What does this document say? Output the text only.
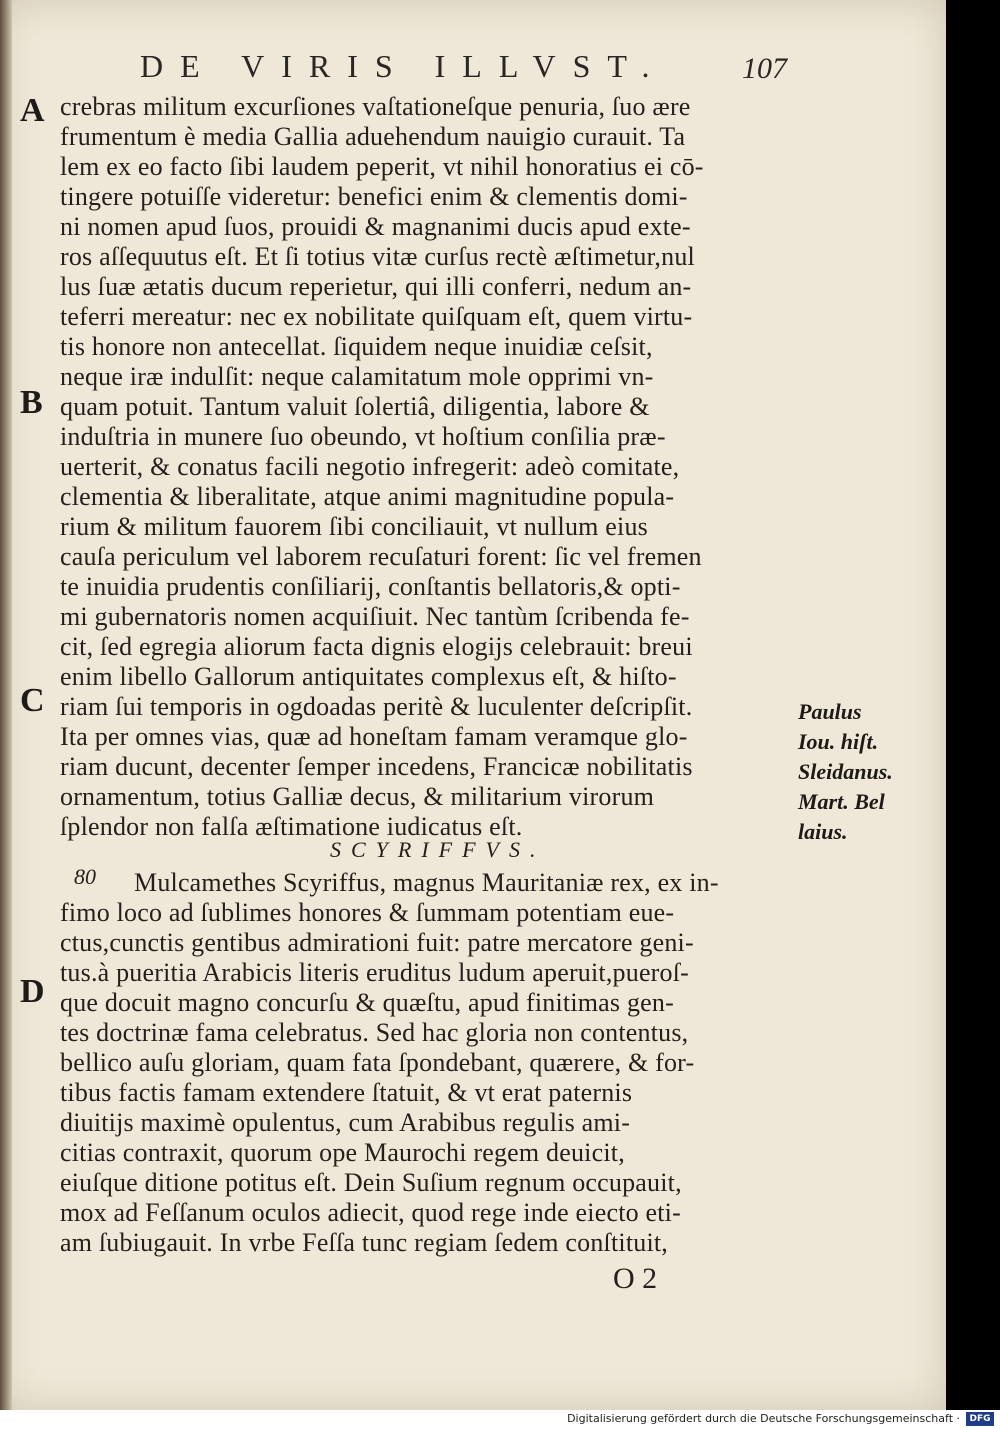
DE VIRIS ILLVST.	107
A
B
C
D
crebras militum excurſiones vaſtationeſque penuria, ſuo ære
frumentum è media Gallia aduehendum nauigio curauit. Ta
lem ex eo facto ſibi laudem peperit, vt nihil honoratius ei cō-
tingere potuiſſe videretur: benefici enim & clementis domi-
ni nomen apud ſuos, prouidi & magnanimi ducis apud exte-
ros aſſequutus eſt. Et ſi totius vitæ curſus rectè æſtimetur,nul
lus ſuæ ætatis ducum reperietur, qui illi conferri, nedum an-
teferri mereatur: nec ex nobilitate quiſquam eſt, quem virtu-
tis honore non antecellat. ſiquidem neque inuidiæ ceſsit,
neque iræ indulſit: neque calamitatum mole opprimi vn-
quam potuit. Tantum valuit ſolertiâ, diligentia, labore &
induſtria in munere ſuo obeundo, vt hoſtium conſilia præ-
uerterit, & conatus facili negotio infregerit: adeò comitate,
clementia & liberalitate, atque animi magnitudine popula-
rium & militum fauorem ſibi conciliauit, vt nullum eius
cauſa periculum vel laborem recuſaturi forent: ſic vel fremen
te inuidia prudentis conſiliarij, conſtantis bellatoris,& opti-
mi gubernatoris nomen acquiſiuit. Nec tantùm ſcribenda fe-
cit, ſed egregia aliorum facta dignis elogijs celebrauit: breui
enim libello Gallorum antiquitates complexus eſt, & hiſto-
riam ſui temporis in ogdoadas peritè & luculenter deſcripſit.
Ita per omnes vias, quæ ad honeſtam famam veramque glo-
riam ducunt, decenter ſemper incedens, Francicæ nobilitatis
ornamentum, totius Galliæ decus, & militarium virorum
ſplendor non falſa æſtimatione iudicatus eſt.
SCYRIFFVS.
80 Mulcamethes Scyriffus, magnus Mauritaniæ rex, ex in-
fimo loco ad ſublimes honores & ſummam potentiam eue-
ctus,cunctis gentibus admirationi fuit: patre mercatore geni-
tus.à pueritia Arabicis literis eruditus ludum aperuit,pueroſ-
que docuit magno concurſu & quæſtu, apud finitimas gen-
tes doctrinæ fama celebratus. Sed hac gloria non contentus,
bellico auſu gloriam, quam fata ſpondebant, quærere, & for-
tibus factis famam extendere ſtatuit, & vt erat paternis
diuitijs maximè opulentus, cum Arabibus regulis ami-
citias contraxit, quorum ope Maurochi regem deuicit,
eiuſque ditione potitus eſt. Dein Suſium regnum occupauit,
mox ad Feſſanum oculos adiecit, quod rege inde eiecto eti-
am ſubiugauit. In vrbe Feſſa tunc regiam ſedem conſtituit,
Paulus
Iou. hiſt.
Sleidanus.
Mart. Bel
laius.
O 2
Digitalisierung gefördert durch die Deutsche Forschungsgemeinschaft ·	DFG
